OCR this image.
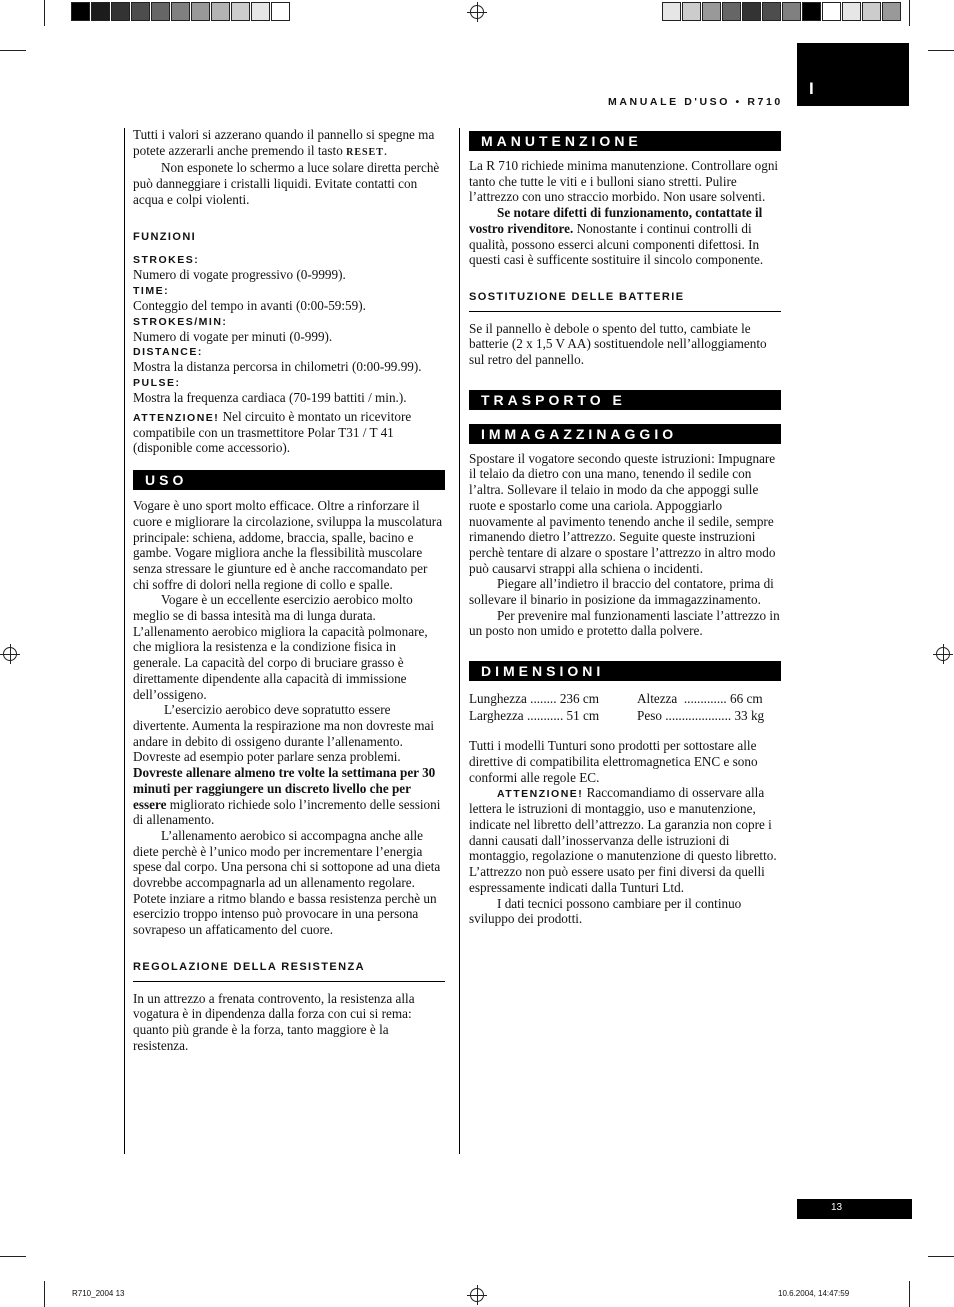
MANUALE D'USO • R710
I

Tutti i valori si azzerano quando il pannello si spegne ma potete azzerarli anche premendo il tasto RESET.

Non esponete lo schermo a luce solare diretta perchè può danneggiare i cristalli liquidi. Evitate contatti con acqua e colpi violenti.

FUNZIONI
STROKES:

Numero di vogate progressivo (0-9999).

TIME:

Conteggio del tempo in avanti (0:00-59:59).

STROKES/MIN:

Numero di vogate per minuti (0-999).

DISTANCE:

Mostra la distanza percorsa in chilometri (0:00-99.99).

PULSE:

Mostra la frequenza cardiaca (70-199 battiti / min.).

ATTENZIONE! Nel circuito è montato un ricevitore compatibile con un trasmettitore Polar T31 / T 41 (disponible come accessorio).

USO

Vogare è uno sport molto efficace. Oltre a rinforzare il cuore e migliorare la circolazione, sviluppa la muscolatura principale: schiena, addome, braccia, spalle, bacino e gambe. Vogare migliora anche la flessibilità muscolare senza stressare le giunture ed è anche raccomandato per chi soffre di dolori nella regione di collo e spalle.

Vogare è un eccellente esercizio aerobico molto meglio se di bassa intesità ma di lunga durata. L’allenamento aerobico migliora la capacità polmonare, che migliora la resistenza e la condizione fisica in generale. La capacità del corpo di bruciare grasso è direttamente dipendente alla capacità di immissione dell’ossigeno.

L’esercizio aerobico deve sopratutto essere divertente. Aumenta la respirazione ma non dovreste mai andare in debito di ossigeno durante l’allenamento. Dovreste ad esempio poter parlare senza problemi. Dovreste allenare almeno tre volte la settimana per 30 minuti per raggiungere un discreto livello che per essere migliorato richiede solo l’incremento delle sessioni di allenamento.

L’allenamento aerobico si accompagna anche alle diete perchè è l’unico modo per incrementare l’energia spese dal corpo. Una persona chi si sottopone ad una dieta dovrebbe accompagnarla ad un allenamento regolare. Potete inziare a ritmo blando e bassa resistenza perchè un esercizio troppo intenso può provocare in una persona sovrapeso un affaticamento del cuore.

REGOLAZIONE DELLA RESISTENZA

In un attrezzo a frenata controvento, la resistenza alla vogatura è in dipendenza dalla forza con cui si rema: quanto più grande è la forza, tanto maggiore è la resistenza.

MANUTENZIONE

La R 710 richiede minima manutenzione. Controllare ogni tanto che tutte le viti e i bulloni siano stretti. Pulire l’attrezzo con uno straccio morbido. Non usare solventi.

Se notare difetti di funzionamento, contattate il vostro rivenditore. Nonostante i continui controlli di qualità, possono esserci alcuni componenti difettosi. In questi casi è sufficente sostituire il sincolo componente.

SOSTITUZIONE DELLE BATTERIE

Se il pannello è debole o spento del tutto, cambiate le batterie (2 x 1,5 V AA) sostituendole nell’alloggiamento sul retro del pannello.

TRASPORTO E
IMMAGAZZINAGGIO

Spostare il vogatore secondo queste istruzioni: Impugnare il telaio da dietro con una mano, tenendo il sedile con l’altra. Sollevare il telaio in modo da che appoggi sulle ruote e spostarlo come una cariola. Appoggiarlo nuovamente al pavimento tenendo anche il sedile, sempre rimanendo dietro l’attrezzo. Seguite queste instruzioni perchè tentare di alzare o spostare l’attrezzo in altro modo può causarvi strappi alla schiena o incidenti.

Piegare all’indietro il braccio del contatore, prima di sollevare il binario in posizione da immagazzinamento.

Per prevenire mal funzionamenti lasciate l’attrezzo in un posto non umido e protetto dalla polvere.

DIMENSIONI
Lunghezza
........
236 cm
Larghezza
...........
51 cm
Altezza
.............
66 cm
Peso
....................
33 kg

Tutti i modelli Tunturi sono prodotti per sottostare alle direttive di compatibilita elettromagnetica ENC e sono conformi alle regole EC.

ATTENZIONE! Raccomandiamo di osservare alla lettera le istruzioni di montaggio, uso e manutenzione, indicate nel libretto dell’attrezzo. La garanzia non copre i danni causati dall’inosservanza delle istruzioni di montaggio, regolazione o manutenzione di questo libretto. L’attrezzo non può essere usato per fini diversi da quelli espressamente indicati dalla Tunturi Ltd.

I dati tecnici possono cambiare per il continuo sviluppo dei prodotti.

13
R710_2004 13	10.6.2004, 14:47:59
